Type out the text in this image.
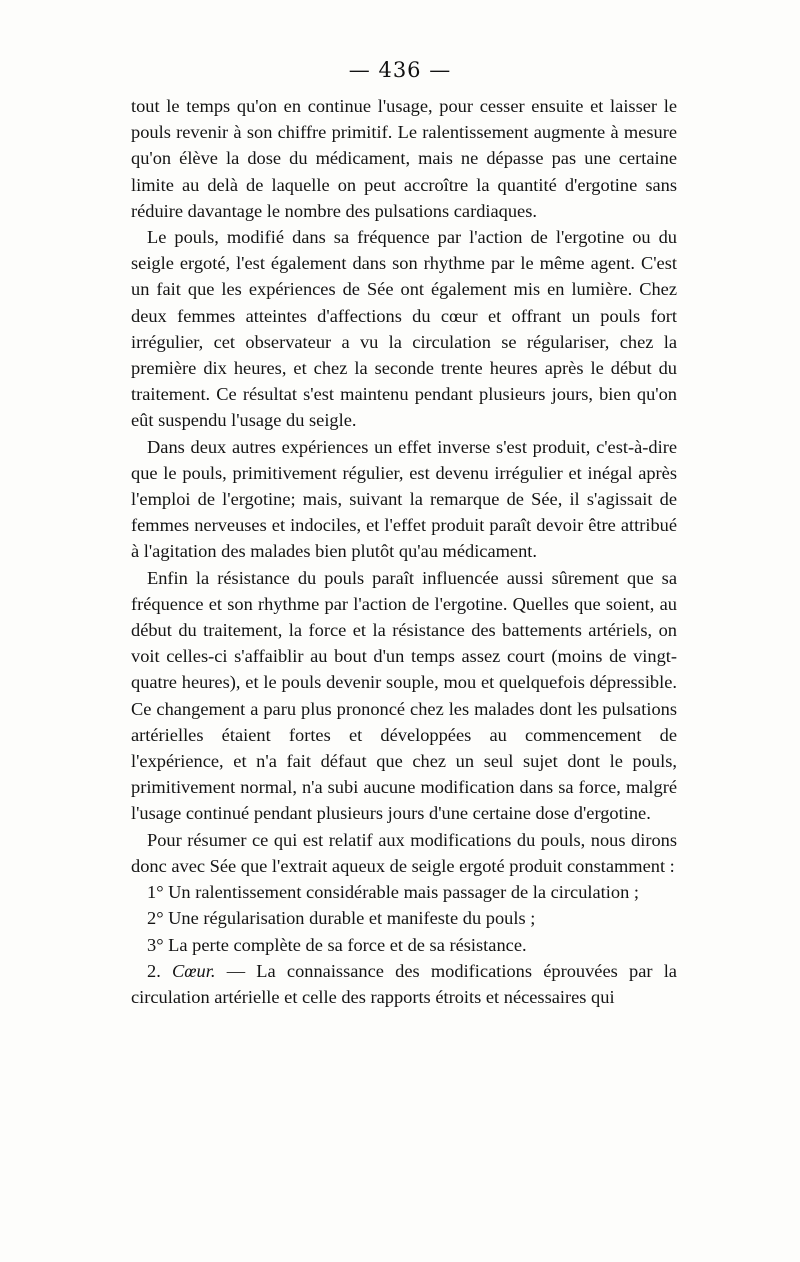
— 436 —

tout le temps qu'on en continue l'usage, pour cesser ensuite et laisser le pouls revenir à son chiffre primitif. Le ralentissement augmente à mesure qu'on élève la dose du médicament, mais ne dépasse pas une certaine limite au delà de laquelle on peut accroître la quantité d'ergotine sans réduire davantage le nombre des pulsations cardiaques.

Le pouls, modifié dans sa fréquence par l'action de l'ergotine ou du seigle ergoté, l'est également dans son rhythme par le même agent. C'est un fait que les expériences de Sée ont également mis en lumière. Chez deux femmes atteintes d'affections du cœur et offrant un pouls fort irrégulier, cet observateur a vu la circulation se régulariser, chez la première dix heures, et chez la seconde trente heures après le début du traitement. Ce résultat s'est maintenu pendant plusieurs jours, bien qu'on eût suspendu l'usage du seigle.

Dans deux autres expériences un effet inverse s'est produit, c'est-à-dire que le pouls, primitivement régulier, est devenu irrégulier et inégal après l'emploi de l'ergotine; mais, suivant la remarque de Sée, il s'agissait de femmes nerveuses et indociles, et l'effet produit paraît devoir être attribué à l'agitation des malades bien plutôt qu'au médicament.

Enfin la résistance du pouls paraît influencée aussi sûrement que sa fréquence et son rhythme par l'action de l'ergotine. Quelles que soient, au début du traitement, la force et la résistance des battements artériels, on voit celles-ci s'affaiblir au bout d'un temps assez court (moins de vingt-quatre heures), et le pouls devenir souple, mou et quelquefois dépressible. Ce changement a paru plus prononcé chez les malades dont les pulsations artérielles étaient fortes et développées au commencement de l'expérience, et n'a fait défaut que chez un seul sujet dont le pouls, primitivement normal, n'a subi aucune modification dans sa force, malgré l'usage continué pendant plusieurs jours d'une certaine dose d'ergotine.

Pour résumer ce qui est relatif aux modifications du pouls, nous dirons donc avec Sée que l'extrait aqueux de seigle ergoté produit constamment :

1° Un ralentissement considérable mais passager de la circulation ;

2° Une régularisation durable et manifeste du pouls ;

3° La perte complète de sa force et de sa résistance.

2. Cœur. — La connaissance des modifications éprouvées par la circulation artérielle et celle des rapports étroits et nécessaires qui
